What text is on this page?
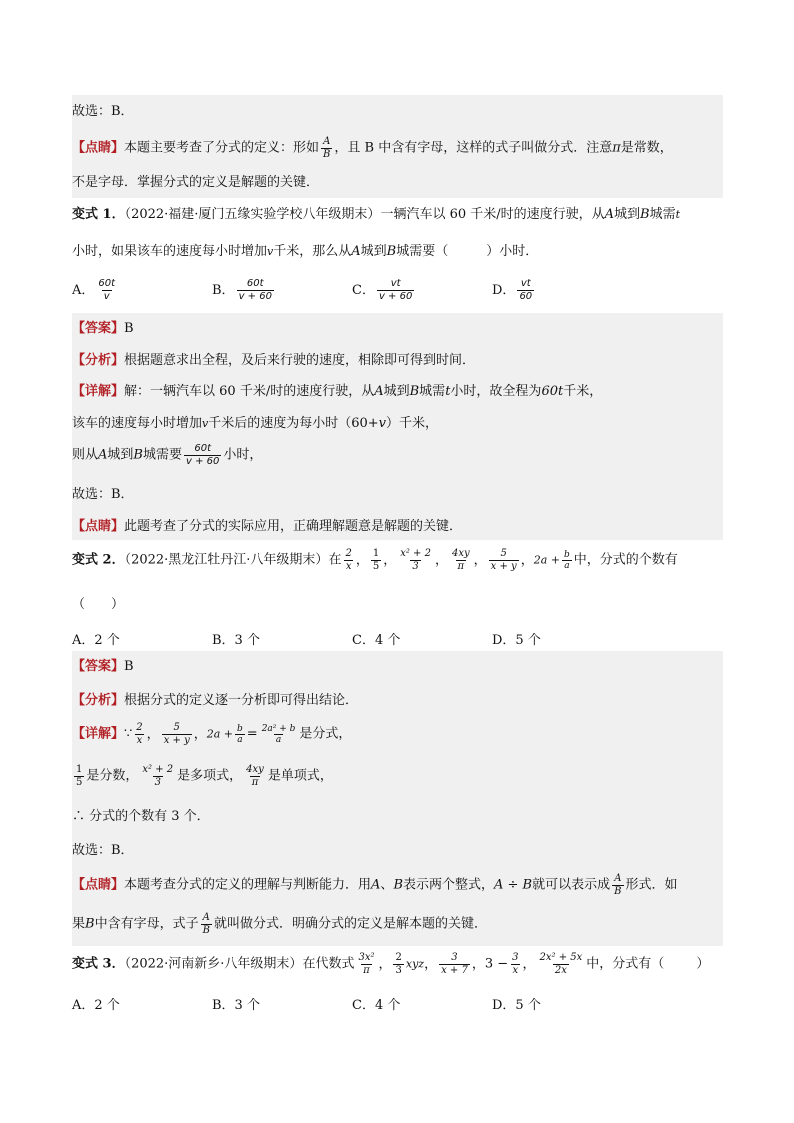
故选：B．
【点睛】本题主要考查了分式的定义：形如 $\frac{A}{B}$ ，且 B 中含有字母，这样的式子叫做分式．注意π是常数，
不是字母．掌握分式的定义是解题的关键．
变式 1．（2022·福建·厦门五缘实验学校八年级期末）一辆汽车以 60 千米/时的速度行驶，从A城到B城需$^t$
小时，如果该车的速度每小时增加$^v$千米，那么从A城到B城需要（	）小时．
A． $\frac{60t}{v}$	B． $\frac{60t}{v + 60}$	C． $\frac{vt}{v + 60}$	D． $\frac{vt}{60}$
【答案】B
【分析】根据题意求出全程，及后来行驶的速度，相除即可得到时间．
【详解】解：一辆汽车以 60 千米/时的速度行驶，从A城到B城需t小时，故全程为60t千米，
该车的速度每小时增加$^v$千米后的速度为每小时（60+v）千米，
则从A城到B城需要 $\frac{60t}{v + 60}$ 小时，
故选：B．
【点睛】此题考查了分式的实际应用，正确理解题意是解题的关键．
变式 2．（2022·黑龙江牡丹江·八年级期末）在 $\frac{2}{x}$ ， $\frac{1}{5}$ ， $\frac{\text{x² + 2}}{3}$ ， $\frac{4xy}{\pi}$ ， $\frac{5}{x + y}$ ，$2a + \frac{b}{a}$ 中，分式的个数有
（　　）
A．2 个	B．3 个	C．4 个	D．5 个
【答案】B
【分析】根据分式的定义逐一分析即可得出结论．
【详解】∵ $\frac{2}{x}$ ， $\frac{5}{x + y}$ ，$2a + \frac{b}{a} = \frac{\text{2a² + b}}{a}$ 是分式，
$\frac{1}{5}$ 是分数， $\frac{\text{x² + 2}}{3}$ 是多项式， $\frac{4xy}{\pi}$ 是单项式，
∴ 分式的个数有 3 个．
故选：B．
【点睛】本题考查分式的定义的理解与判断能力．用A、B表示两个整式，A ÷ B就可以表示成 $\frac{A}{B}$ 形式．如
果B中含有字母，式子 $\frac{A}{B}$ 就叫做分式．明确分式的定义是解本题的关键．
变式 3．（2022·河南新乡·八年级期末）在代数式 $\frac{\text{3x²}}{\pi}$ ， $\frac{2}{3}$ xyz， $\frac{3}{x + 7}$ ，$3 - \frac{3}{x}$ ， $\frac{\text{2x² + 5x}}{2x}$ 中，分式有（ ）
A．2 个	B．3 个	C．4 个	D．5 个
